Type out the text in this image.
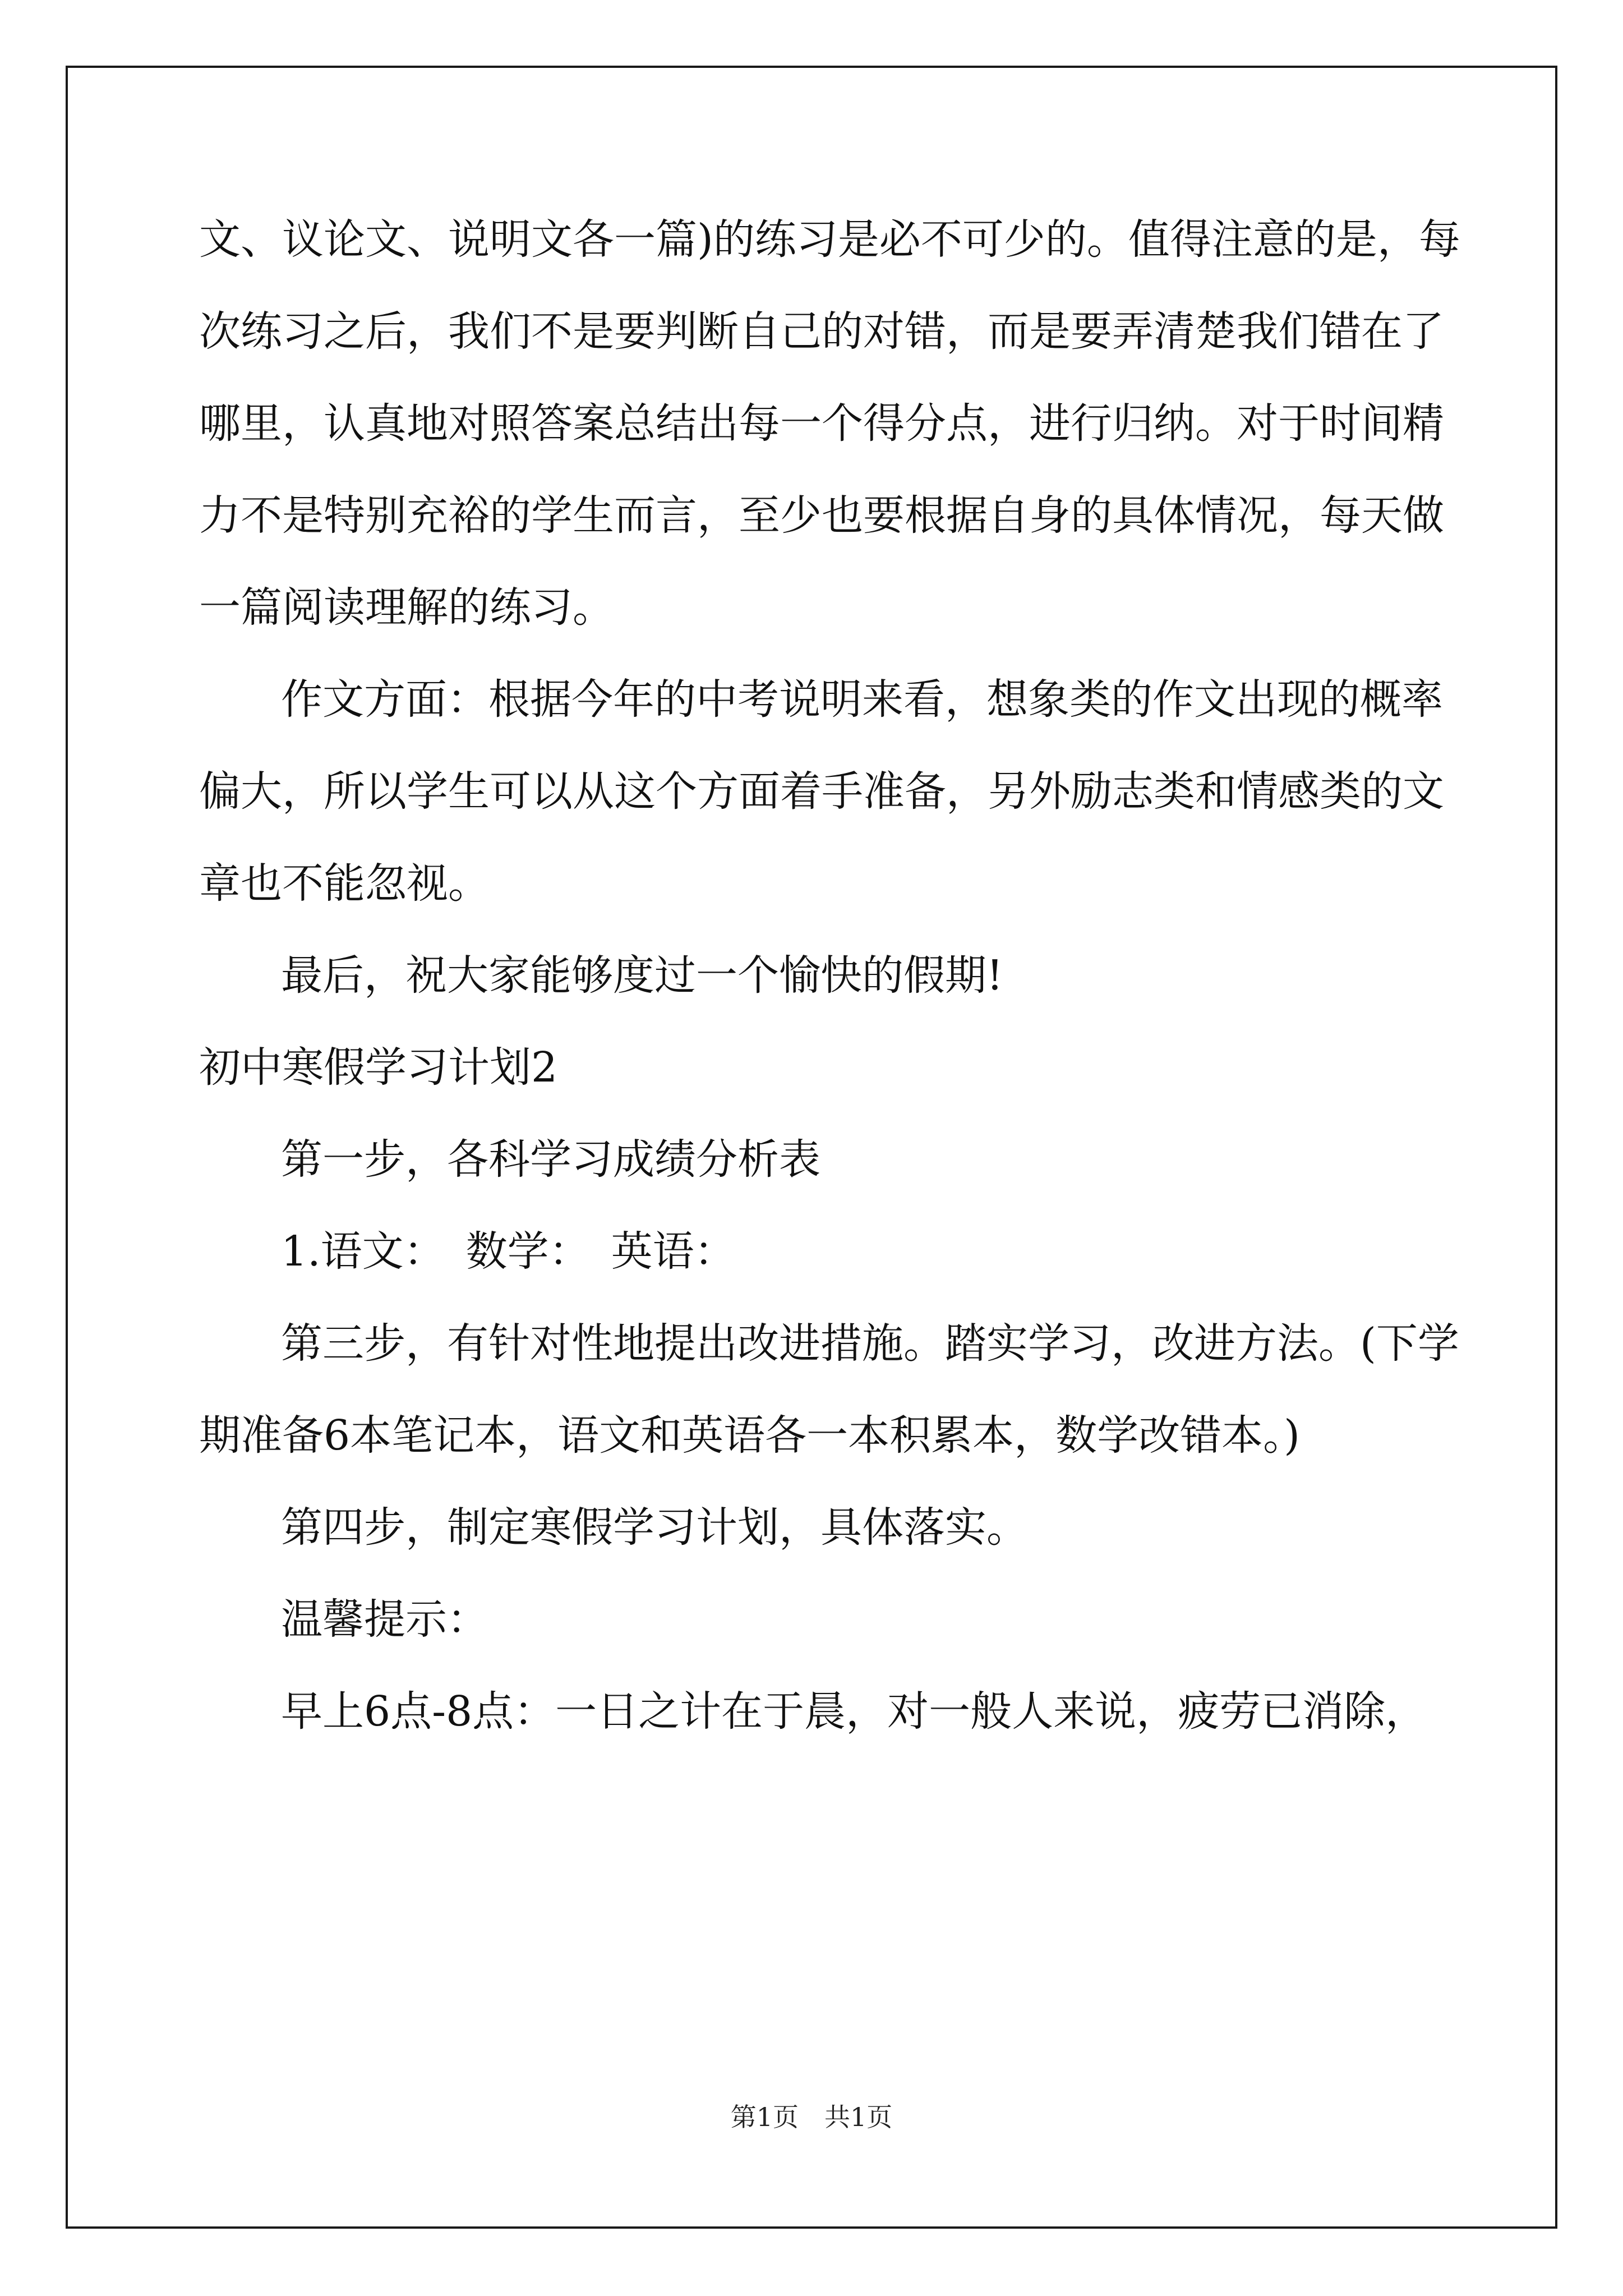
文、议论文、说明文各一篇)的练习是必不可少的。值得注意的是，每
次练习之后，我们不是要判断自己的对错，而是要弄清楚我们错在了
哪里，认真地对照答案总结出每一个得分点，进行归纳。对于时间精
力不是特别充裕的学生而言，至少也要根据自身的具体情况，每天做
一篇阅读理解的练习。
作文方面：根据今年的中考说明来看，想象类的作文出现的概率
偏大，所以学生可以从这个方面着手准备，另外励志类和情感类的文
章也不能忽视。
最后，祝大家能够度过一个愉快的假期!
初中寒假学习计划2
第一步，各科学习成绩分析表
1.语文：　数学：　英语：
第三步，有针对性地提出改进措施。踏实学习，改进方法。(下学
期准备6本笔记本，语文和英语各一本积累本，数学改错本。)
第四步，制定寒假学习计划，具体落实。
温馨提示：
早上6点-8点：一日之计在于晨，对一般人来说，疲劳已消除，
第1页　共1页
